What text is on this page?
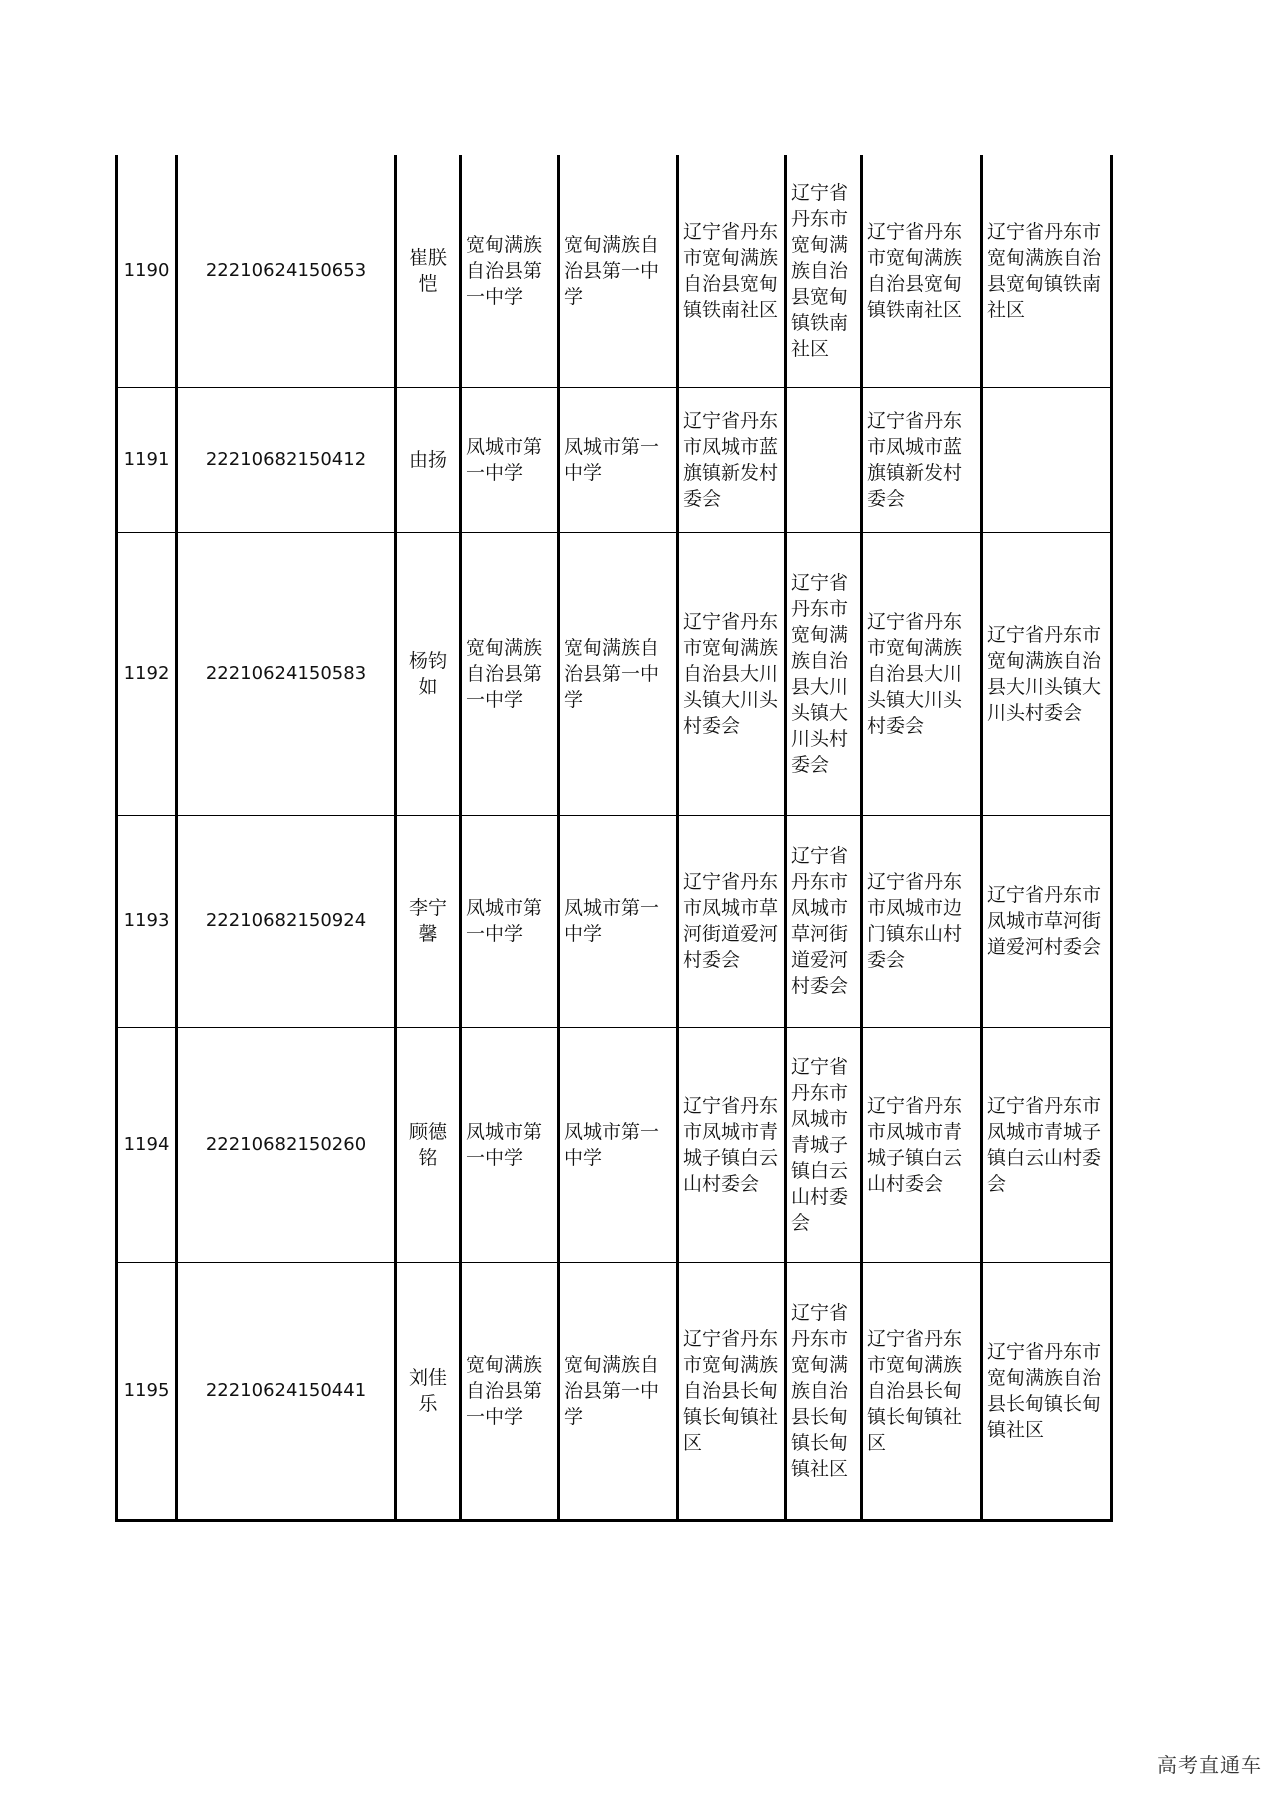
1190	22210624150653	崔朕恺	宽甸满族自治县第一中学	宽甸满族自治县第一中学	辽宁省丹东市宽甸满族自治县宽甸镇铁南社区	辽宁省丹东市宽甸满族自治县宽甸镇铁南社区	辽宁省丹东市宽甸满族自治县宽甸镇铁南社区	辽宁省丹东市宽甸满族自治县宽甸镇铁南社区
1191	22210682150412	由扬	凤城市第一中学	凤城市第一中学	辽宁省丹东市凤城市蓝旗镇新发村委会		辽宁省丹东市凤城市蓝旗镇新发村委会	
1192	22210624150583	杨钧如	宽甸满族自治县第一中学	宽甸满族自治县第一中学	辽宁省丹东市宽甸满族自治县大川头镇大川头村委会	辽宁省丹东市宽甸满族自治县大川头镇大川头村委会	辽宁省丹东市宽甸满族自治县大川头镇大川头村委会	辽宁省丹东市宽甸满族自治县大川头镇大川头村委会
1193	22210682150924	李宁馨	凤城市第一中学	凤城市第一中学	辽宁省丹东市凤城市草河街道爱河村委会	辽宁省丹东市凤城市草河街道爱河村委会	辽宁省丹东市凤城市边门镇东山村委会	辽宁省丹东市凤城市草河街道爱河村委会
1194	22210682150260	顾德铭	凤城市第一中学	凤城市第一中学	辽宁省丹东市凤城市青城子镇白云山村委会	辽宁省丹东市凤城市青城子镇白云山村委会	辽宁省丹东市凤城市青城子镇白云山村委会	辽宁省丹东市凤城市青城子镇白云山村委会
1195	22210624150441	刘佳乐	宽甸满族自治县第一中学	宽甸满族自治县第一中学	辽宁省丹东市宽甸满族自治县长甸镇长甸镇社区	辽宁省丹东市宽甸满族自治县长甸镇长甸镇社区	辽宁省丹东市宽甸满族自治县长甸镇长甸镇社区	辽宁省丹东市宽甸满族自治县长甸镇长甸镇社区
高考直通车
